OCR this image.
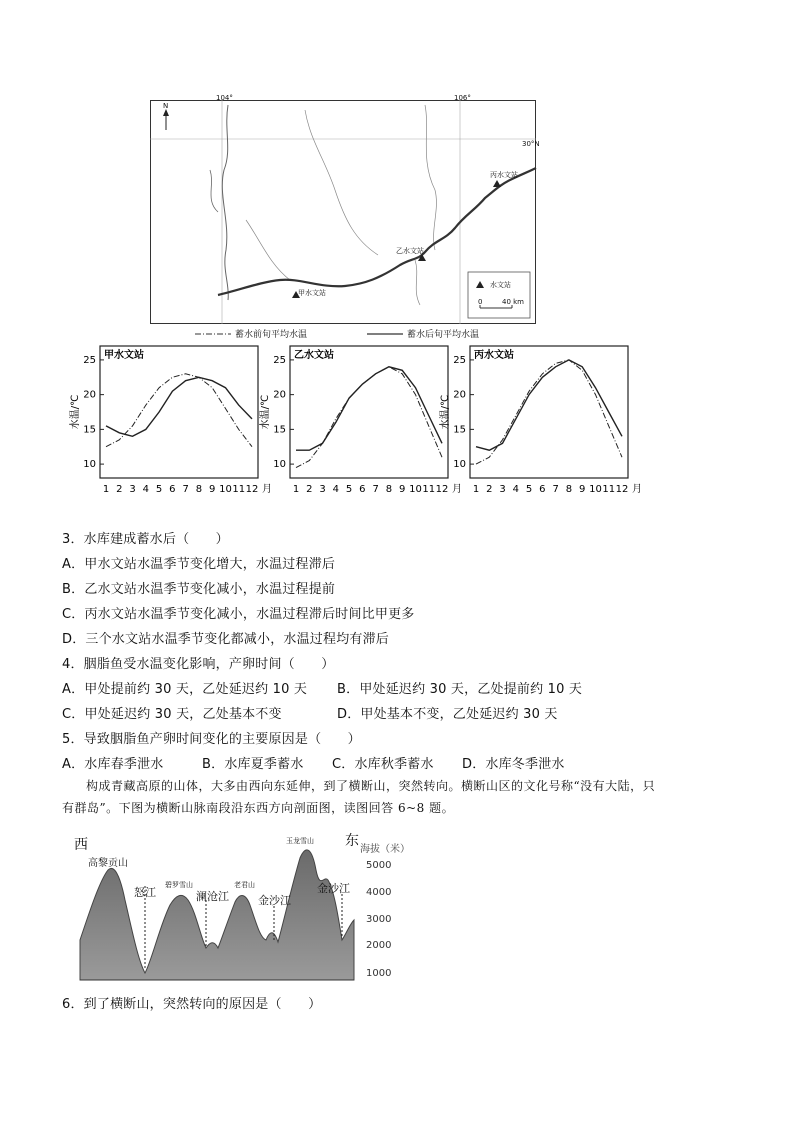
104°	106°
30°N
N
丙水文站
乙水文站
甲水文站
水文站
0	40 km
蓄水前旬平均水温	蓄水后旬平均水温
甲水文站
10
15
20
25
水温/℃
1 2 3 4 5 6 7 8 9 10 11 12 月
乙水文站
10
15
20
25
水温/℃
1 2 3 4 5 6 7 8 9 10 11 12 月
丙水文站
10
15
20
25
水温/℃
1 2 3 4 5 6 7 8 9 10 11 12 月
3．水库建成蓄水后（　　）
A．甲水文站水温季节变化增大，水温过程滞后
B．乙水文站水温季节变化减小，水温过程提前
C．丙水文站水温季节变化减小，水温过程滞后时间比甲更多
D．三个水文站水温季节变化都减小，水温过程均有滞后
4．胭脂鱼受水温变化影响，产卵时间（　　）
A．甲处提前约 30 天，乙处延迟约 10 天 B．甲处延迟约 30 天，乙处提前约 10 天
C．甲处延迟约 30 天，乙处基本不变	D．甲处基本不变，乙处延迟约 30 天
5．导致胭脂鱼产卵时间变化的主要原因是（　　）
A．水库春季泄水	B．水库夏季蓄水 C．水库秋季蓄水 D．水库冬季泄水
构成青藏高原的山体，大多由西向东延伸，到了横断山，突然转向。横断山区的文化号称“没有大陆，只
有群岛”。下图为横断山脉南段沿东西方向剖面图，读图回答 6~8 题。
西	东
海拔（米）
1000
2000
3000
4000
5000
高黎贡山
碧罗雪山	老君山
玉龙雪山
怒江	澜沧江	金沙江
金沙江
6．到了横断山，突然转向的原因是（　　）
